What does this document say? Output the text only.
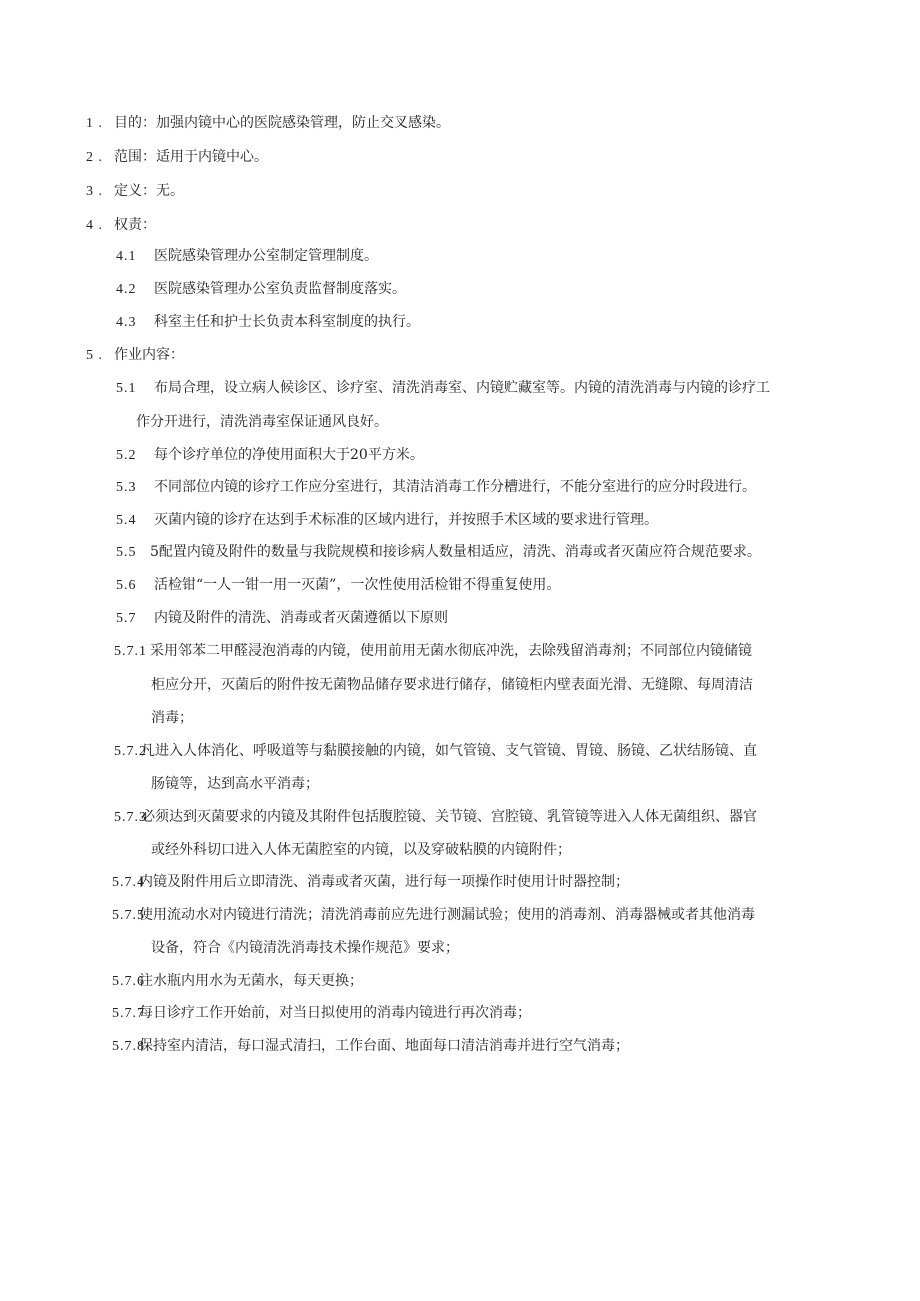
1 . 目的：加强内镜中心的医院感染管理，防止交叉感染。
2 . 范围：适用于内镜中心。
3 . 定义：无。
4 . 权责：
4.1 医院感染管理办公室制定管理制度。
4.2 医院感染管理办公室负责监督制度落实。
4.3 科室主任和护士长负责本科室制度的执行。
5 . 作业内容：
5.1 布局合理，设立病人候诊区、诊疗室、清洗消毒室、内镜贮藏室等。内镜的清洗消毒与内镜的诊疗工
作分开进行，清洗消毒室保证通风良好。
5.2 每个诊疗单位的净使用面积大于20平方米。
5.3 不同部位内镜的诊疗工作应分室进行，其清洁消毒工作分槽进行，不能分室进行的应分时段进行。
5.4 灭菌内镜的诊疗在达到手术标准的区域内进行，并按照手术区域的要求进行管理。
5.5 5配置内镜及附件的数量与我院规模和接诊病人数量相适应，清洗、消毒或者灭菌应符合规范要求。
5.6 活检钳“一人一钳一用一灭菌”，一次性使用活检钳不得重复使用。
5.7 内镜及附件的清洗、消毒或者灭菌遵循以下原则
5.7.1 采用邻苯二甲醛浸泡消毒的内镜，使用前用无菌水彻底冲洗，去除残留消毒剂；不同部位内镜储镜
柜应分开，灭菌后的附件按无菌物品储存要求进行储存，储镜柜内壁表面光滑、无缝隙、每周清洁
消毒；
5.7.2凡进入人体消化、呼吸道等与黏膜接触的内镜，如气管镜、支气管镜、胃镜、肠镜、乙状结肠镜、直
肠镜等，达到高水平消毒；
5.7.3必须达到灭菌要求的内镜及其附件包括腹腔镜、关节镜、宫腔镜、乳管镜等进入人体无菌组织、器官
或经外科切口进入人体无菌腔室的内镜，以及穿破粘膜的内镜附件；
5.7.4内镜及附件用后立即清洗、消毒或者灭菌，进行每一项操作时使用计时器控制；
5.7.5使用流动水对内镜进行清洗；清洗消毒前应先进行测漏试验；使用的消毒剂、消毒器械或者其他消毒
设备，符合《内镜清洗消毒技术操作规范》要求；
5.7.6注水瓶内用水为无菌水，每天更换；
5.7.7每日诊疗工作开始前，对当日拟使用的消毒内镜进行再次消毒；
5.7.8保持室内清洁，每口湿式清扫，工作台面、地面每口清洁消毒并进行空气消毒；
